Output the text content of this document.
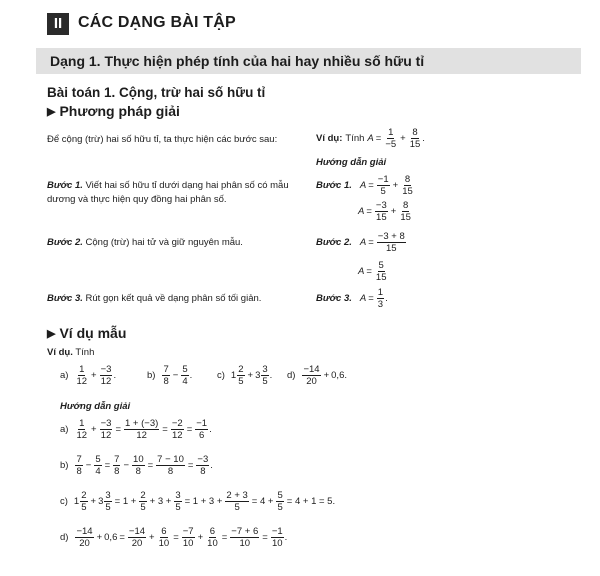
II CÁC DẠNG BÀI TẬP
Dạng 1. Thực hiện phép tính của hai hay nhiều số hữu tỉ
Bài toán 1. Cộng, trừ hai số hữu tỉ
▶ Phương pháp giải
Để cộng (trừ) hai số hữu tỉ, ta thực hiện các bước sau:
Bước 1. Viết hai số hữu tỉ dưới dạng hai phân số có mẫu dương và thực hiện quy đồng hai phân số.
Bước 2. Cộng (trừ) hai tử và giữ nguyên mẫu.
Bước 3. Rút gọn kết quả về dạng phân số tối giản.
Ví dụ: Tính $A = \frac{1}{-5} + \frac{8}{15}$ .
Hướng dẫn giải
Bước 1. $A = \frac{-1}{5} + \frac{8}{15}$
$A = \frac{-3}{15} + \frac{8}{15}$
Bước 2. $A = \frac{-3 + 8}{15}$
$A = \frac{5}{15}$
Bước 3. $A = \frac{1}{3}$ .
▶ Ví dụ mẫu
Ví dụ. Tính
$a) \frac{1}{12} + \frac{-3}{12}$ .	$b) \frac{7}{8} - \frac{5}{4}$ .	c) $1 \frac{2}{5} + 3 \frac{3}{5}$ . $d) \frac{-14}{20} + 0,6$ .
Hướng dẫn giải
$a) \frac{1}{12} + \frac{-3}{12} = \frac{1 + (-3)}{12} = \frac{-2}{12} = \frac{-1}{6}$ .
$b) \frac{7}{8} - \frac{5}{4} = \frac{7}{8} - \frac{10}{8} = \frac{7 - 10}{8} = \frac{-3}{8}$ .
c) $1 \frac{2}{5} + 3 \frac{3}{5} = 1 + \frac{2}{5} + 3 + \frac{3}{5} = 1 + 3 + \frac{2 + 3}{5} = 4 + \frac{5}{5} = 4 + 1 = 5$.
$d) \frac{-14}{20} + 0,6 = \frac{-14}{20} + \frac{6}{10} = \frac{-7}{10} + \frac{6}{10} = \frac{-7 + 6}{10} = \frac{-1}{10}$ .
